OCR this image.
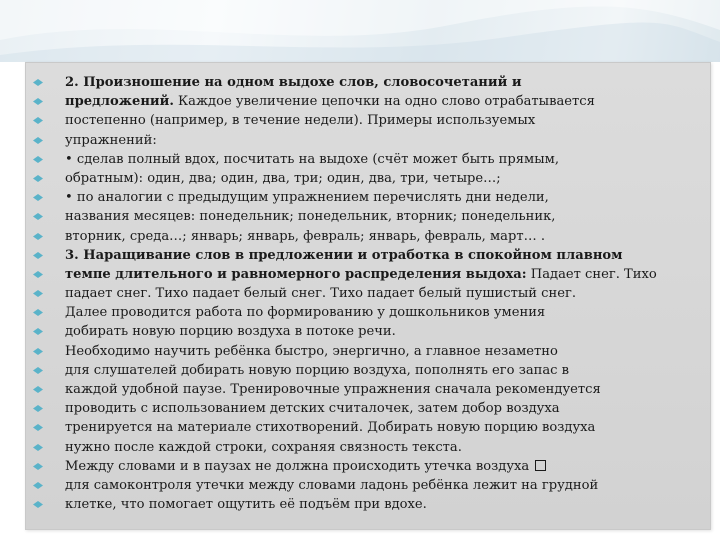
2. Произношение на одном выдохе слов, словосочетаний и
предложений. Каждое увеличение цепочки на одно слово отрабатывается
постепенно (например, в течение недели). Примеры используемых
упражнений:
• сделав полный вдох, посчитать на выдохе (счёт может быть прямым,
обратным): один, два; один, два, три; один, два, три, четыре…;
• по аналогии с предыдущим упражнением перечислять дни недели,
названия месяцев: понедельник; понедельник, вторник; понедельник,
вторник, среда…; январь; январь, февраль; январь, февраль, март… .
3. Наращивание слов в предложении и отработка в спокойном плавном
темпе длительного и равномерного распределения выдоха: Падает снег. Тихо
падает снег. Тихо падает белый снег. Тихо падает белый пушистый снег.
Далее проводится работа по формированию у дошкольников умения
добирать новую порцию воздуха в потоке речи.
Необходимо научить ребёнка быстро, энергично, а главное незаметно
для слушателей добирать новую порцию воздуха, пополнять его запас в
каждой удобной паузе. Тренировочные упражнения сначала рекомендуется
проводить с использованием детских считалочек, затем добор воздуха
тренируется на материале стихотворений. Добирать новую порцию воздуха
нужно после каждой строки, сохраняя связность текста.
Между словами и в паузах не должна происходить утечка воздуха
для самоконтроля утечки между словами ладонь ребёнка лежит на грудной
клетке, что помогает ощутить её подъём при вдохе.
